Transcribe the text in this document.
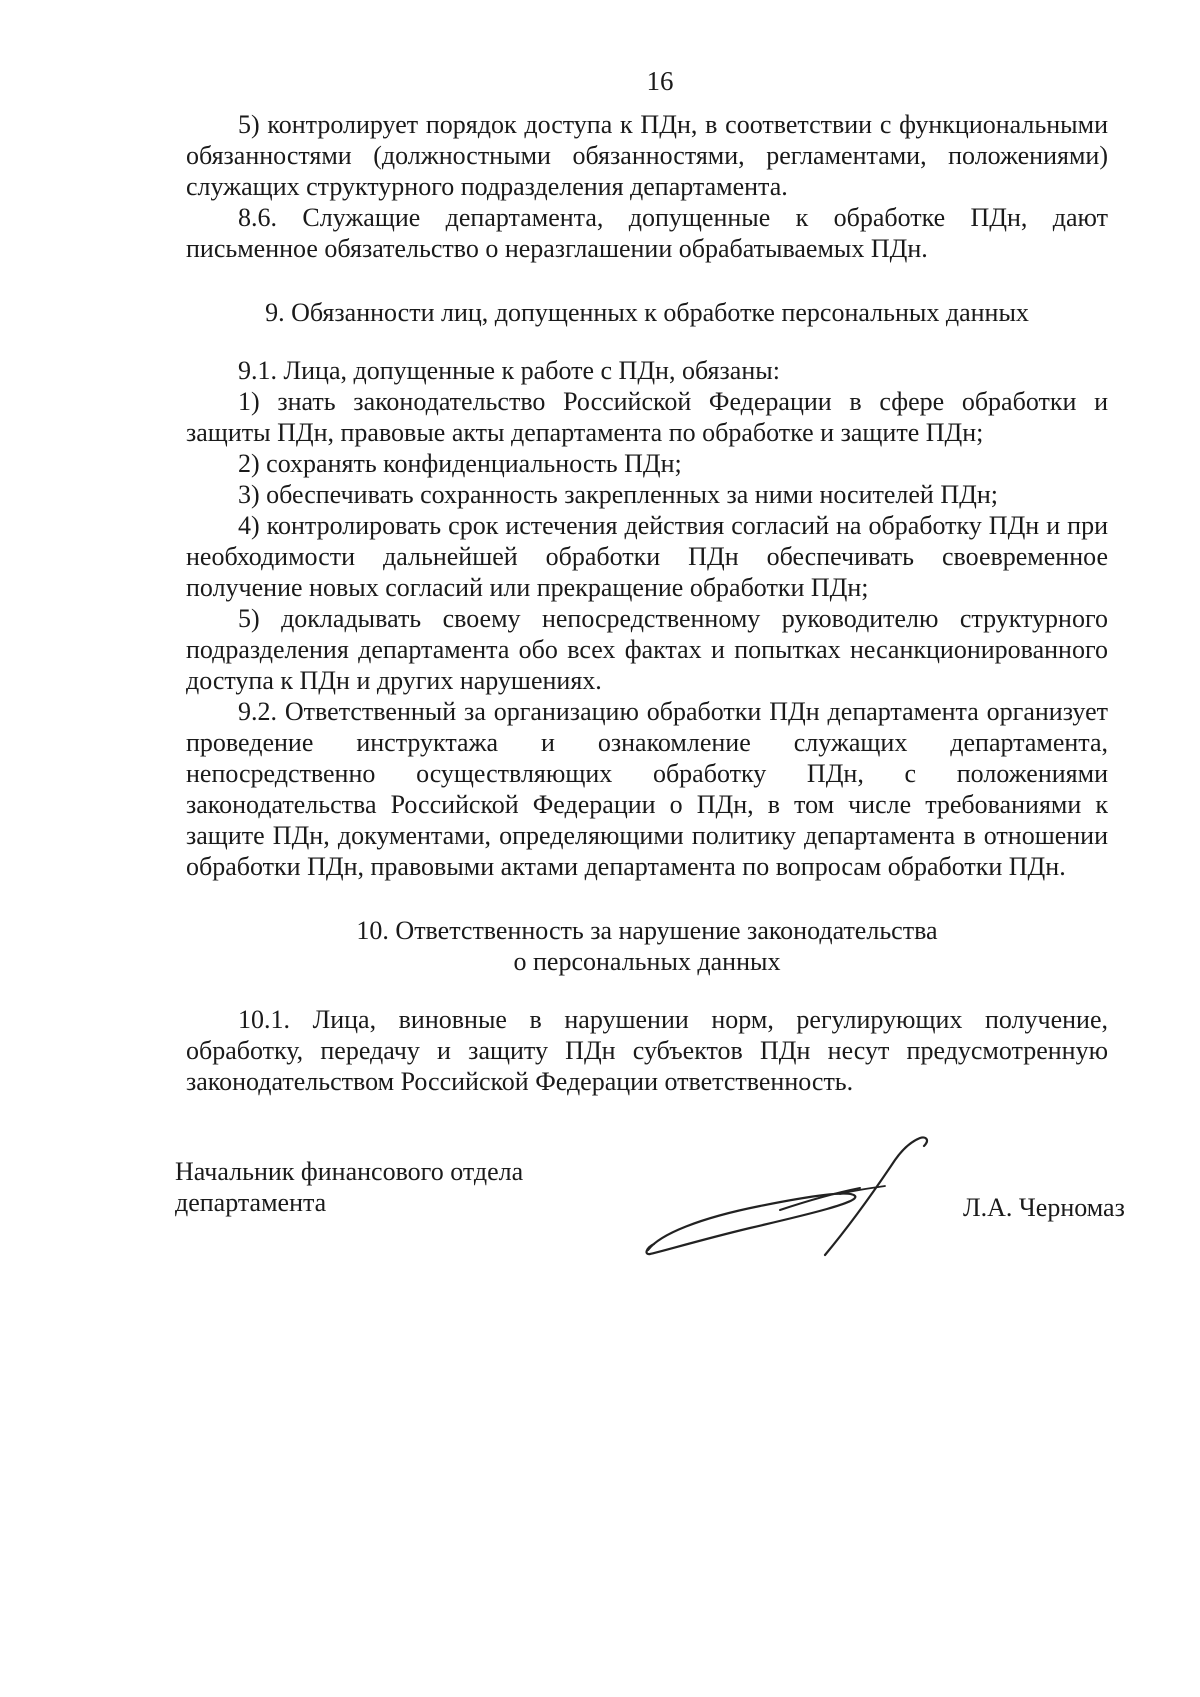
16

5) контролирует порядок доступа к ПДн, в соответствии с функциональными обязанностями (должностными обязанностями, регламентами, положениями) служащих структурного подразделения департамента.

8.6. Служащие департамента, допущенные к обработке ПДн, дают письменное обязательство о неразглашении обрабатываемых ПДн.

9. Обязанности лиц, допущенных к обработке персональных данных

9.1. Лица, допущенные к работе с ПДн, обязаны:

1) знать законодательство Российской Федерации в сфере обработки и защиты ПДн, правовые акты департамента по обработке и защите ПДн;

2) сохранять конфиденциальность ПДн;

3) обеспечивать сохранность закрепленных за ними носителей ПДн;

4) контролировать срок истечения действия согласий на обработку ПДн и при необходимости дальнейшей обработки ПДн обеспечивать своевременное получение новых согласий или прекращение обработки ПДн;

5) докладывать своему непосредственному руководителю структурного подразделения департамента обо всех фактах и попытках несанкционированного доступа к ПДн и других нарушениях.

9.2. Ответственный за организацию обработки ПДн департамента организует проведение инструктажа и ознакомление служащих департамента, непосредственно осуществляющих обработку ПДн, с положениями законодательства Российской Федерации о ПДн, в том числе требованиями к защите ПДн, документами, определяющими политику департамента в отношении обработки ПДн, правовыми актами департамента по вопросам обработки ПДн.

10. Ответственность за нарушение законодательства

о персональных данных

10.1. Лица, виновные в нарушении норм, регулирующих получение, обработку, передачу и защиту ПДн субъектов ПДн несут предусмотренную законодательством Российской Федерации ответственность.

Начальник финансового отдела
департамента	Л.А. Черномаз
